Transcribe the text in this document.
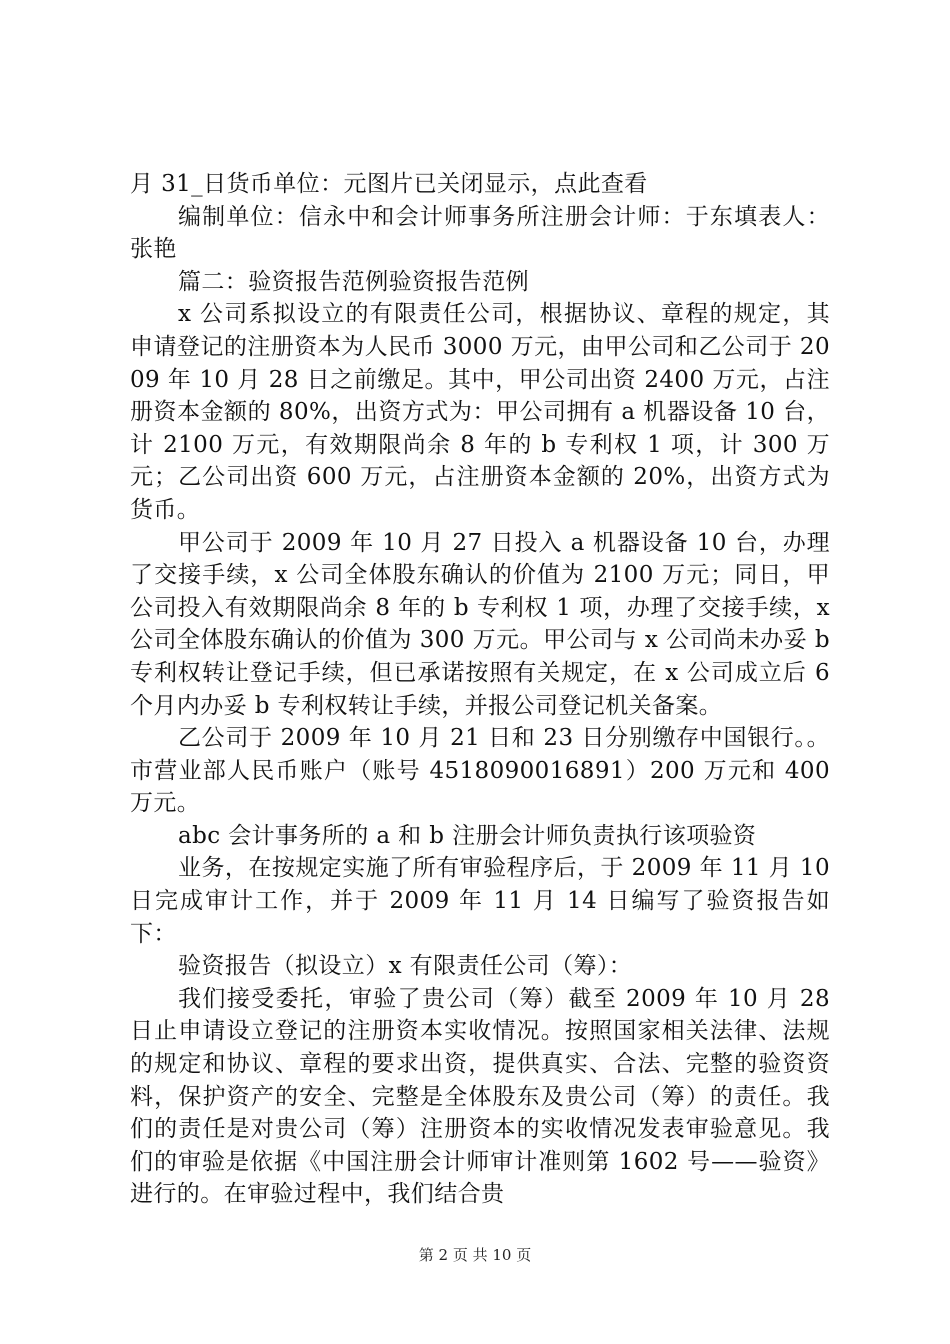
月 31_日货币单位：元图片已关闭显示，点此查看

编制单位：信永中和会计师事务所注册会计师：于东填表人：张艳

篇二：验资报告范例验资报告范例

x 公司系拟设立的有限责任公司，根据协议、章程的规定，其申请登记的注册资本为人民币 3000 万元，由甲公司和乙公司于 2009 年 10 月 28 日之前缴足。其中，甲公司出资 2400 万元，占注册资本金额的 80%，出资方式为：甲公司拥有 a 机器设备 10 台，计 2100 万元，有效期限尚余 8 年的 b 专利权 1 项，计 300 万元；乙公司出资 600 万元，占注册资本金额的 20%，出资方式为货币。

甲公司于 2009 年 10 月 27 日投入 a 机器设备 10 台，办理了交接手续，x 公司全体股东确认的价值为 2100 万元；同日，甲公司投入有效期限尚余 8 年的 b 专利权 1 项，办理了交接手续，x 公司全体股东确认的价值为 300 万元。甲公司与 x 公司尚未办妥 b 专利权转让登记手续，但已承诺按照有关规定，在 x 公司成立后 6 个月内办妥 b 专利权转让手续，并报公司登记机关备案。

乙公司于 2009 年 10 月 21 日和 23 日分别缴存中国银行。。市营业部人民币账户（账号 4518090016891）200 万元和 400 万元。

abc 会计事务所的 a 和 b 注册会计师负责执行该项验资

业务，在按规定实施了所有审验程序后，于 2009 年 11 月 10 日完成审计工作，并于 2009 年 11 月 14 日编写了验资报告如下：

验资报告（拟设立）x 有限责任公司（筹）：

我们接受委托，审验了贵公司（筹）截至 2009 年 10 月 28 日止申请设立登记的注册资本实收情况。按照国家相关法律、法规的规定和协议、章程的要求出资，提供真实、合法、完整的验资资料，保护资产的安全、完整是全体股东及贵公司（筹）的责任。我们的责任是对贵公司（筹）注册资本的实收情况发表审验意见。我们的审验是依据《中国注册会计师审计准则第 1602 号——验资》进行的。在审验过程中，我们结合贵

第 2 页 共 10 页
